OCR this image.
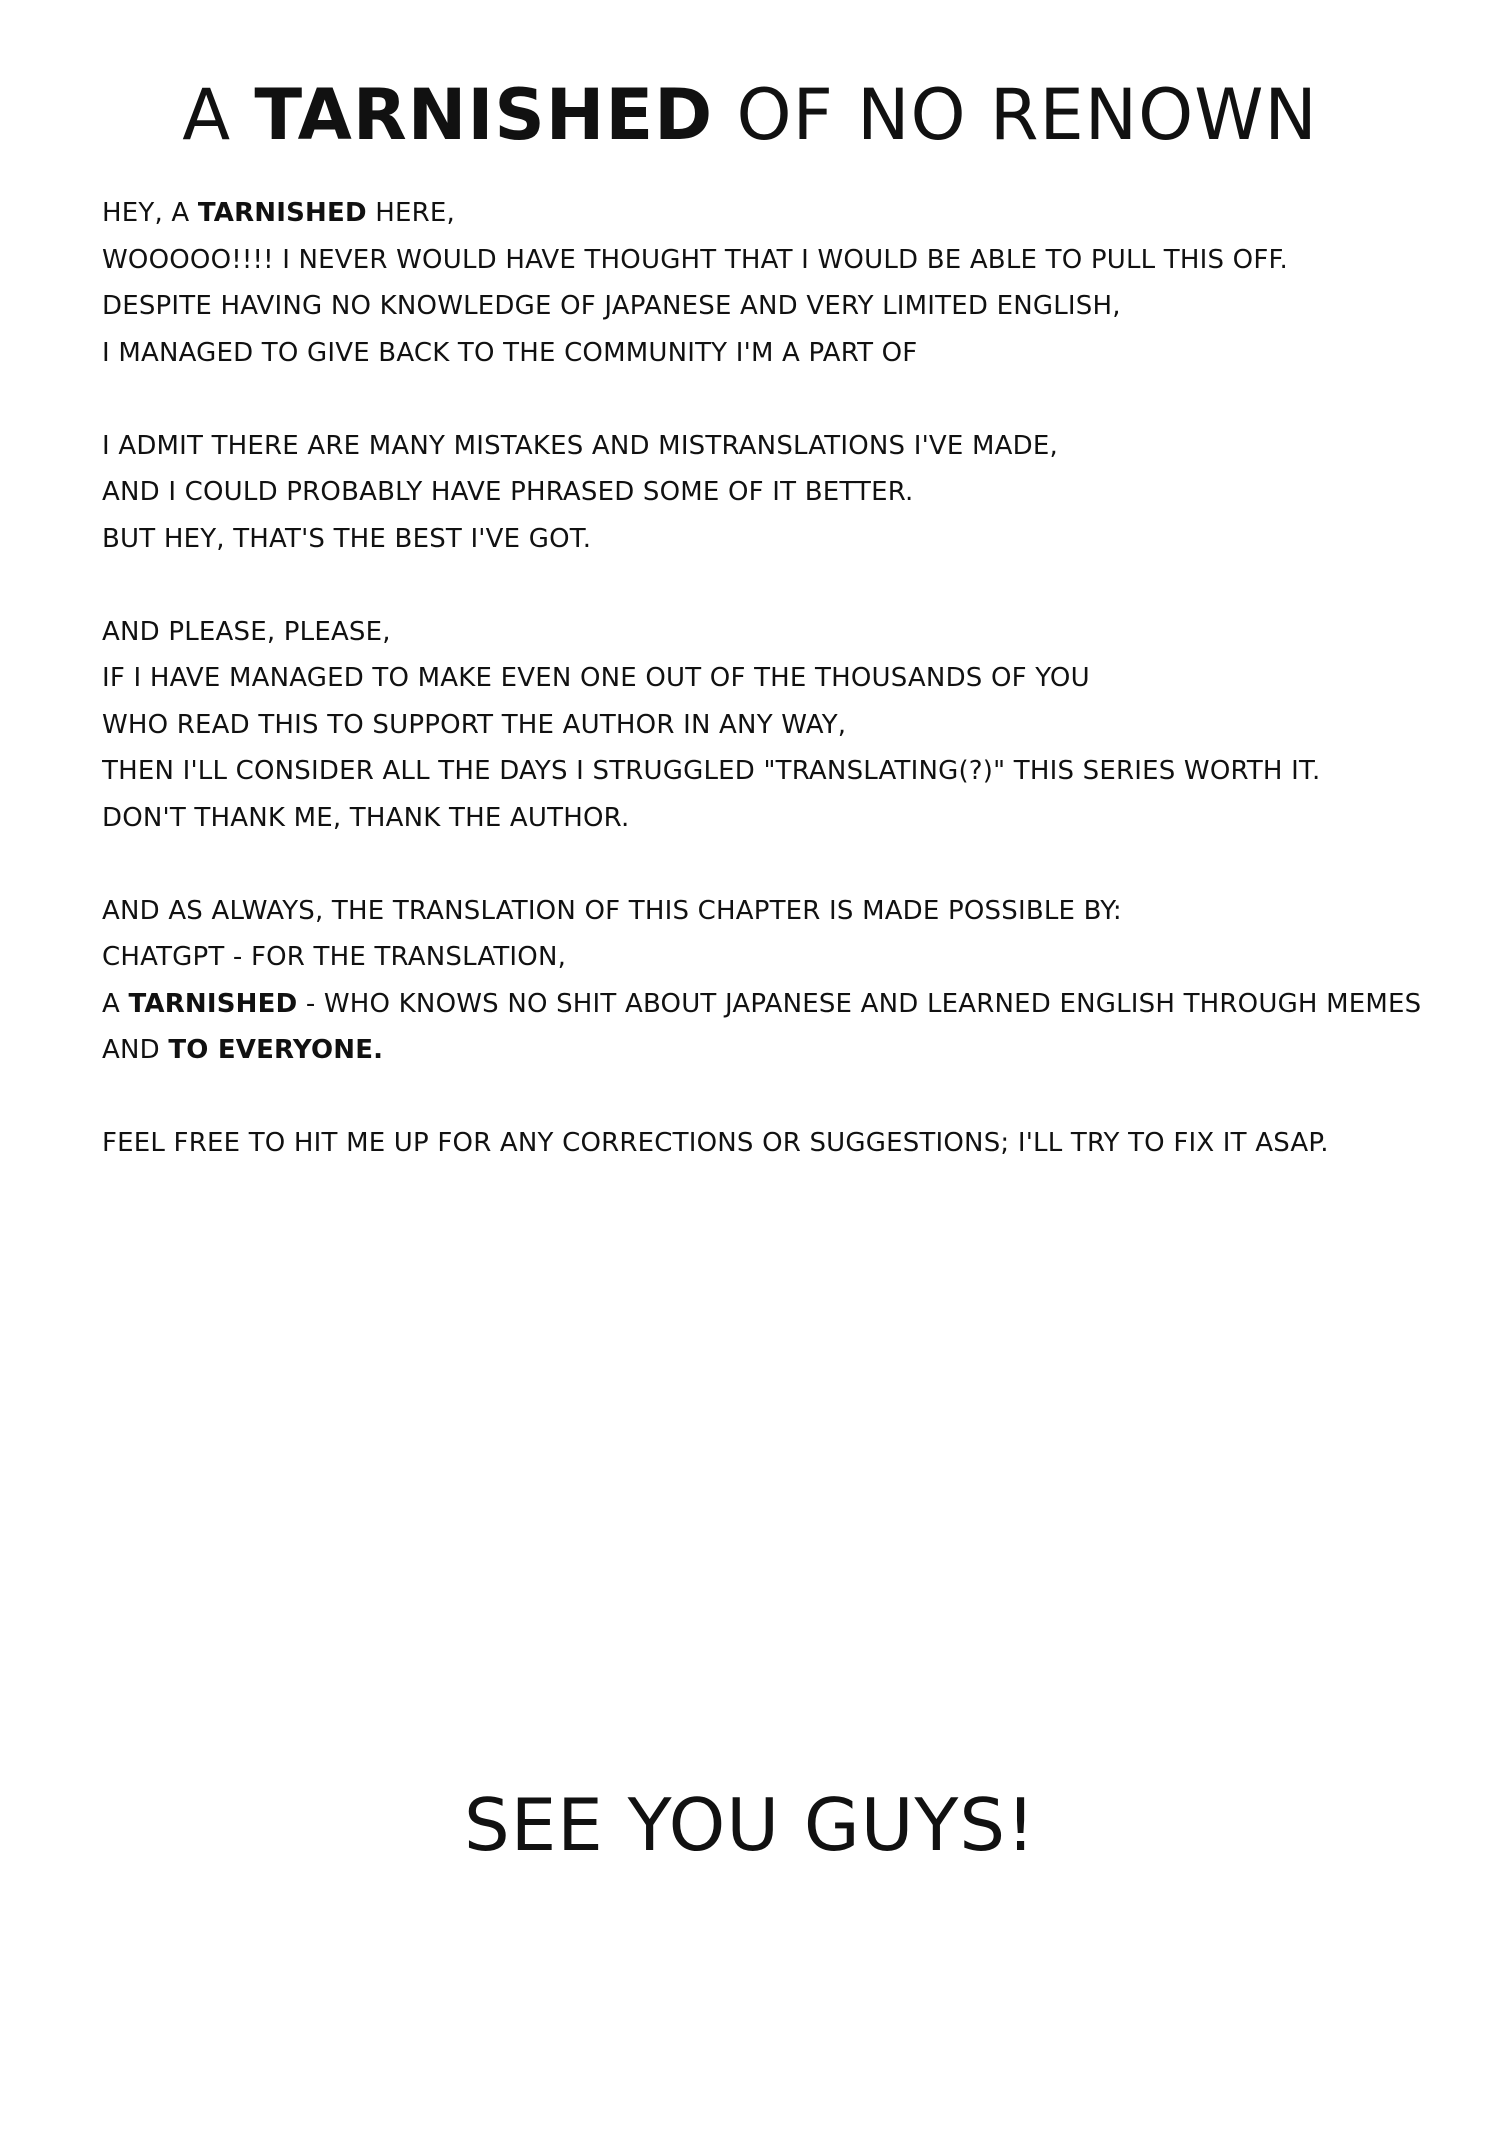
A TARNISHED OF NO RENOWN
HEY, A TARNISHED HERE,
WOOOOO!!!! I NEVER WOULD HAVE THOUGHT THAT I WOULD BE ABLE TO PULL THIS OFF.
DESPITE HAVING NO KNOWLEDGE OF JAPANESE AND VERY LIMITED ENGLISH,
I MANAGED TO GIVE BACK TO THE COMMUNITY I'M A PART OF
I ADMIT THERE ARE MANY MISTAKES AND MISTRANSLATIONS I'VE MADE,
AND I COULD PROBABLY HAVE PHRASED SOME OF IT BETTER.
BUT HEY, THAT'S THE BEST I'VE GOT.
AND PLEASE, PLEASE,
IF I HAVE MANAGED TO MAKE EVEN ONE OUT OF THE THOUSANDS OF YOU
WHO READ THIS TO SUPPORT THE AUTHOR IN ANY WAY,
THEN I'LL CONSIDER ALL THE DAYS I STRUGGLED "TRANSLATING(?)" THIS SERIES WORTH IT.
DON'T THANK ME, THANK THE AUTHOR.
AND AS ALWAYS, THE TRANSLATION OF THIS CHAPTER IS MADE POSSIBLE BY:
CHATGPT - FOR THE TRANSLATION,
A TARNISHED - WHO KNOWS NO SHIT ABOUT JAPANESE AND LEARNED ENGLISH THROUGH MEMES
AND TO EVERYONE.
FEEL FREE TO HIT ME UP FOR ANY CORRECTIONS OR SUGGESTIONS; I'LL TRY TO FIX IT ASAP.
SEE YOU GUYS!
